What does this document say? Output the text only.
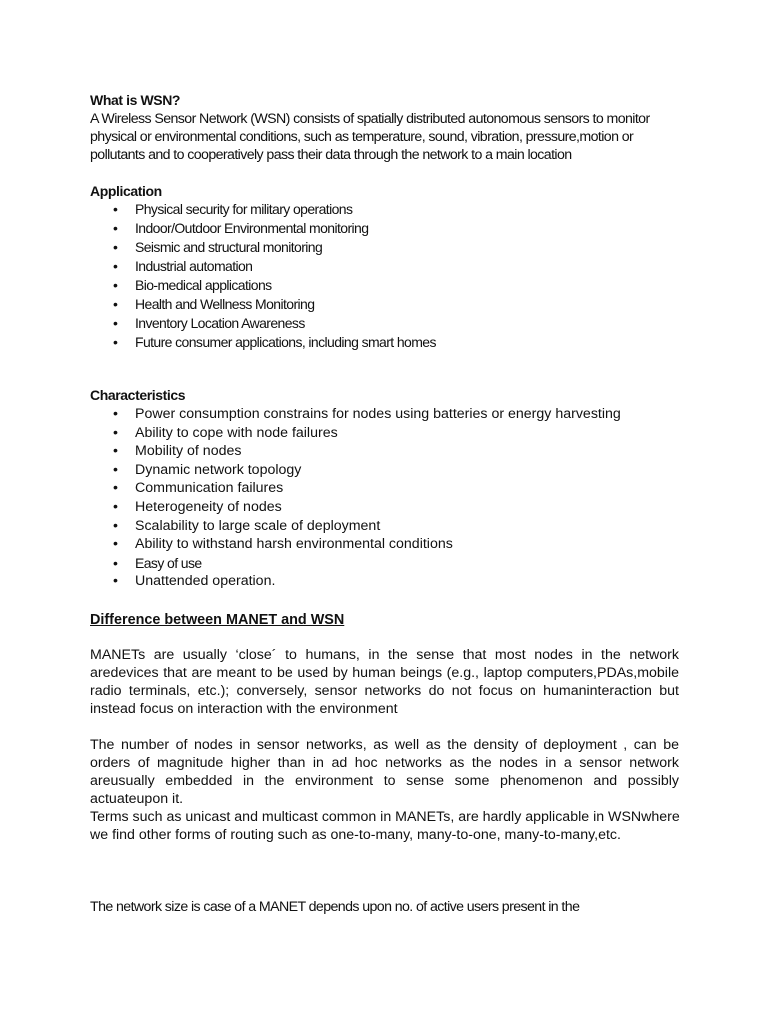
What is WSN?
A Wireless Sensor Network (WSN) consists of spatially distributed autonomous sensors to monitor physical or environmental conditions, such as temperature, sound, vibration, pressure,motion or pollutants and to cooperatively pass their data through the network to a main location
Application
• Physical security for military operations
• Indoor/Outdoor Environmental monitoring
• Seismic and structural monitoring
• Industrial automation
• Bio-medical applications
• Health and Wellness Monitoring
• Inventory Location Awareness
• Future consumer applications, including smart homes
Characteristics
• Power consumption constrains for nodes using batteries or energy harvesting
• Ability to cope with node failures
• Mobility of nodes
• Dynamic network topology
• Communication failures
• Heterogeneity of nodes
• Scalability to large scale of deployment
• Ability to withstand harsh environmental conditions
• Easy of use
• Unattended operation.
Difference between MANET and WSN
MANETs are usually ‘close´ to humans, in the sense that most nodes in the network aredevices that are meant to be used by human beings (e.g., laptop computers,PDAs,mobile radio terminals, etc.); conversely, sensor networks do not focus on humaninteraction but instead focus on interaction with the environment
The number of nodes in sensor networks, as well as the density of deployment , can be orders of magnitude higher than in ad hoc networks as the nodes in a sensor network areusually embedded in the environment to sense some phenomenon and possibly actuateupon it.
Terms such as unicast and multicast common in MANETs, are hardly applicable in WSNwhere we find other forms of routing such as one-to-many, many-to-one, many-to-many,etc.
The network size is case of a MANET depends upon no. of active users present in the
